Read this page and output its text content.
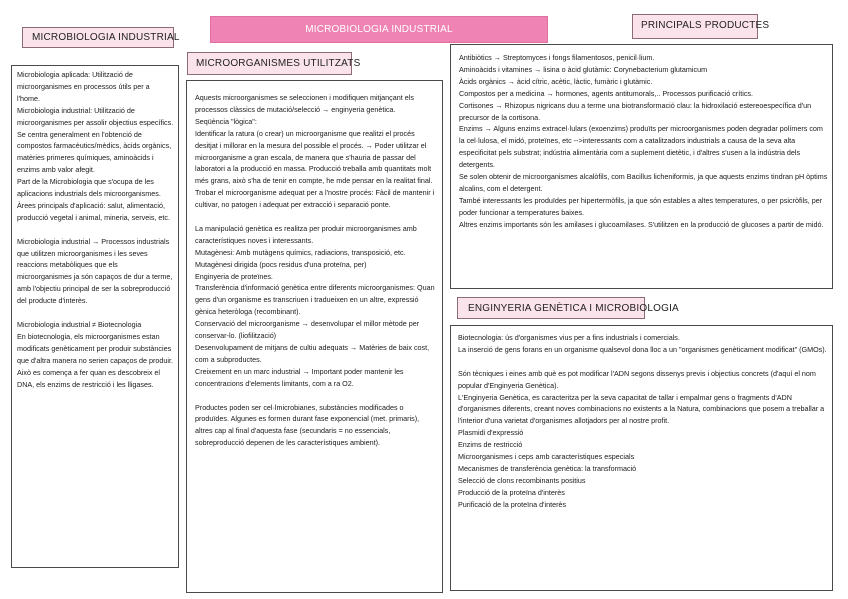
MICROBIOLOGIA INDUSTRIAL
MICROBIOLOGIA INDUSTRIAL
MICROORGANISMES UTILITZATS
PRINCIPALS PRODUCTES
ENGINYERIA GENÈTICA I MICROBIOLOGIA

Microbiologia aplicada: Utilització de microorganismes en processos útils per a l'home.

Microbiologia industrial: Utilització de microorganismes per assolir objectius específics. Se centra generalment en l'obtenció de compostos farmacèutics/mèdics, àcids orgànics, matèries primeres químiques, aminoàcids i enzims amb valor afegit.

Part de la Microbiologia que s'ocupa de les aplicacions industrials dels microorganismes.

Àrees principals d'aplicació: salut, alimentació, producció vegetal i animal, mineria, serveis, etc.

Microbiologia industrial → Processos industrials que utilitzen microorganismes i les seves reaccions metabòliques que els microorganismes ja són capaços de dur a terme, amb l'objectiu principal de ser la sobreproducció del producte d'interès.

Microbiologia industrial ≠ Biotecnologia

En biotecnologia, els microorganismes estan modificats genèticament per produir substàncies que d'altra manera no serien capaços de produir. Això es comença a fer quan es descobreix el DNA, els enzims de restricció i les lligases.

Aquests microorganismes se seleccionen i modifiquen mitjançant els processos clàssics de mutació/selecció → enginyeria genètica.

Seqüència "lògica":

Identificar la ratura (o crear) un microorganisme que realitzi el procés desitjat i millorar en la mesura del possible el procés. → Poder utilitzar el microorganisme a gran escala, de manera que s'hauria de passar del laboratori a la producció en massa. Producció treballa amb quantitats molt més grans, això s'ha de tenir en compte, he mde pensar en la realitat final.

Trobar el microorganisme adequat per a l'nostre procés: Fàcil de mantenir i cultivar, no patogen i adequat per extracció i separació ponte.

La manipulació genètica es realitza per produir microorganismes amb característiques noves i interessants.

Mutagènesi: Amb mutàgens químics, radiacions, transposició, etc. Mutagènesi dirigida (pocs residus d'una proteïna, per)

Enginyeria de proteïnes.

Transferència d'informació genètica entre diferents microorganismes: Quan gens d'un organisme es transcriuen i tradueixen en un altre, expressió gènica heteròloga (recombinant).

Conservació del microorganisme → desenvolupar el millor mètode per conservar-lo. (liofilització)

Desenvolupament de mitjans de cultiu adequats → Matèries de baix cost, com a subproductes.

Creixement en un marc industrial → Important poder mantenir les concentracions d'elements limitants, com a ra O2.

Productes poden ser cel·lmicrobianes, substàncies modificades o produïdes. Algunes es formen durant fase exponencial (met. primaris), altres cap al final d'aquesta fase (secundaris = no essencials, sobreproducció depenen de les característiques ambient).

Antibiòtics → Streptomyces i fongs filamentosos, penicil·lium.

Aminoàcids i vitamines → lisina o àcid glutàmic: Corynebacterium glutamicum

Àcids orgànics → àcid cítric, acètic, làctic, fumàric i glutàmic.

Compostos per a medicina → hormones, agents antitumorals,.. Processos purificació crítics.

Cortisones → Rhizopus nigricans duu a terme una biotransformació clau: la hidroxilació estereoespecífica d'un precursor de la cortisona.

Enzims → Alguns enzims extracel·lulars (exoenzims) produïts per microorganismes poden degradar polímers com la cel·lulosa, el midó, proteïnes, etc -->interessants com a catalitzadors industrials a causa de la seva alta especificitat pels substrat; indústria alimentària com a suplement dietètic, i d'altres s'usen a la indústria dels detergents.

Se solen obtenir de microorganismes alcalòfils, com Bacillus licheniformis, ja que aquests enzims tindran pH òptims alcalins, com el detergent.

També interessants les produïdes per hipertermòfils, ja que són estables a altes temperatures, o per psicròfils, per poder funcionar a temperatures baixes.

Altres enzims importants són les amilases i glucoamilases. S'utilitzen en la producció de glucoses a partir de midó.

Biotecnologia: ús d'organismes vius per a fins industrials i comercials.

La inserció de gens forans en un organisme qualsevol dona lloc a un "organismes genèticament modificat" (GMOs).

Són tècniques i eines amb què es pot modificar l'ADN segons dissenys previs i objectius concrets (d'aquí el nom popular d'Enginyeria Genètica).

L'Enginyeria Genètica, es caracteritza per la seva capacitat de tallar i empalmar gens o fragments d'ADN d'organismes diferents, creant noves combinacions no existents a la Natura, combinacions que posem a treballar a l'interior d'una varietat d'organismes allotjadors per al nostre profit.

Plasmidi d'expressió

Enzims de restricció

Microorganismes i ceps amb característiques especials

Mecanismes de transferència genètica: la transformació

Selecció de clons recombinants positius

Producció de la proteïna d'interès

Purificació de la proteïna d'interès
